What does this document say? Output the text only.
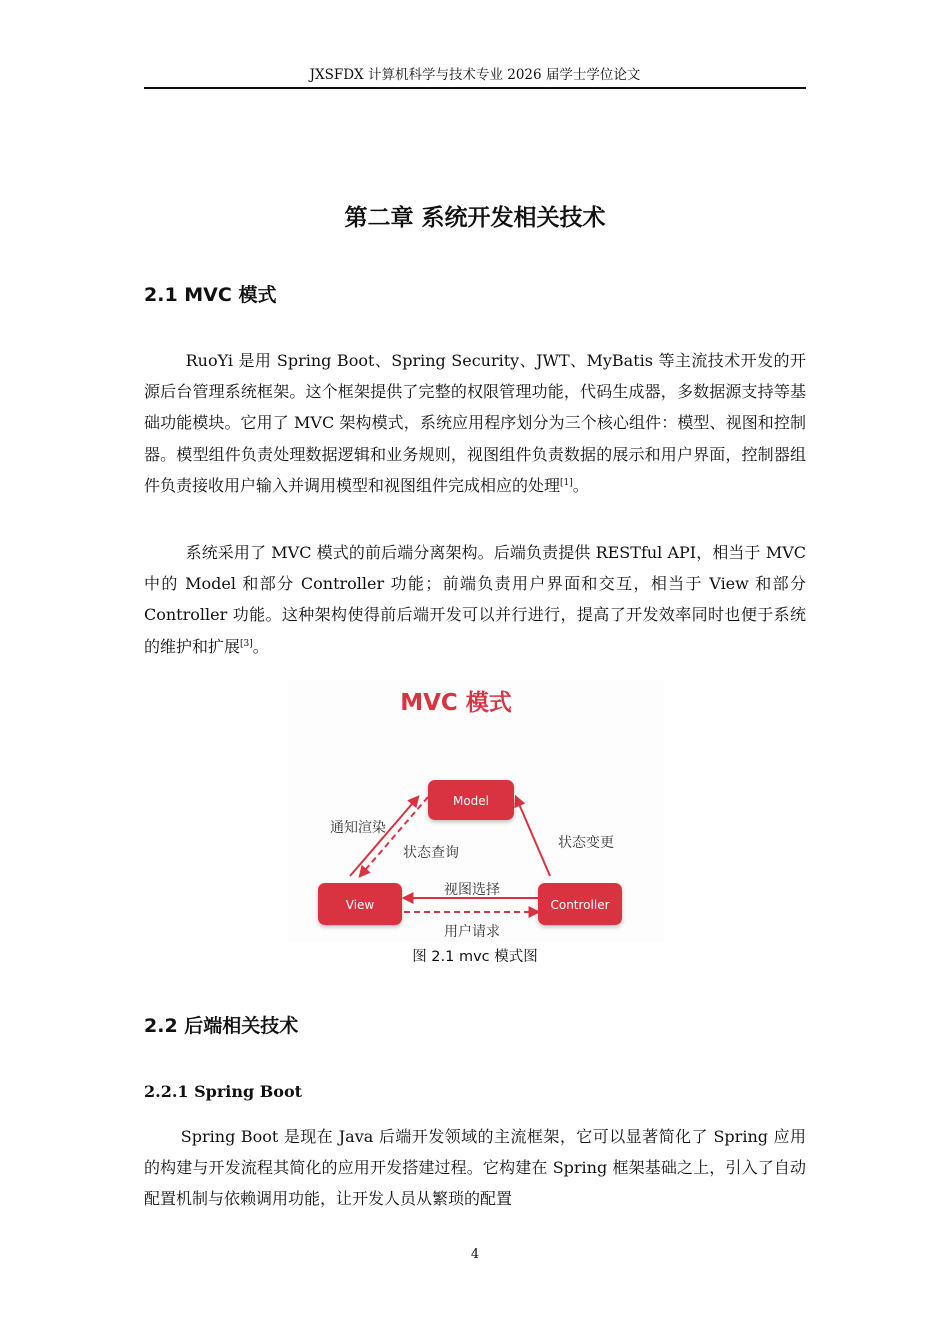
JXSFDX 计算机科学与技术专业 2026 届学士学位论文
第二章 系统开发相关技术
2.1 MVC 模式

RuoYi 是用 Spring Boot、Spring Security、JWT、MyBatis 等主流技术开发的开源后台管理系统框架。这个框架提供了完整的权限管理功能，代码生成器，多数据源支持等基础功能模块。它用了 MVC 架构模式，系统应用程序划分为三个核心组件：模型、视图和控制器。模型组件负责处理数据逻辑和业务规则，视图组件负责数据的展示和用户界面，控制器组件负责接收用户输入并调用模型和视图组件完成相应的处理[1]。

系统采用了 MVC 模式的前后端分离架构。后端负责提供 RESTful API，相当于 MVC 中的 Model 和部分 Controller 功能；前端负责用户界面和交互，相当于 View 和部分 Controller 功能。这种架构使得前后端开发可以并行进行，提高了开发效率同时也便于系统的维护和扩展[3]。

MVC 模式
Model
View	Controller
通知渲染
状态查询
状态变更
视图选择
用户请求
图 2.1 mvc 模式图
2.2 后端相关技术
2.2.1 Spring Boot

Spring Boot 是现在 Java 后端开发领域的主流框架，它可以显著简化了 Spring 应用的构建与开发流程其简化的应用开发搭建过程。它构建在 Spring 框架基础之上，引入了自动配置机制与依赖调用功能，让开发人员从繁琐的配置

4
